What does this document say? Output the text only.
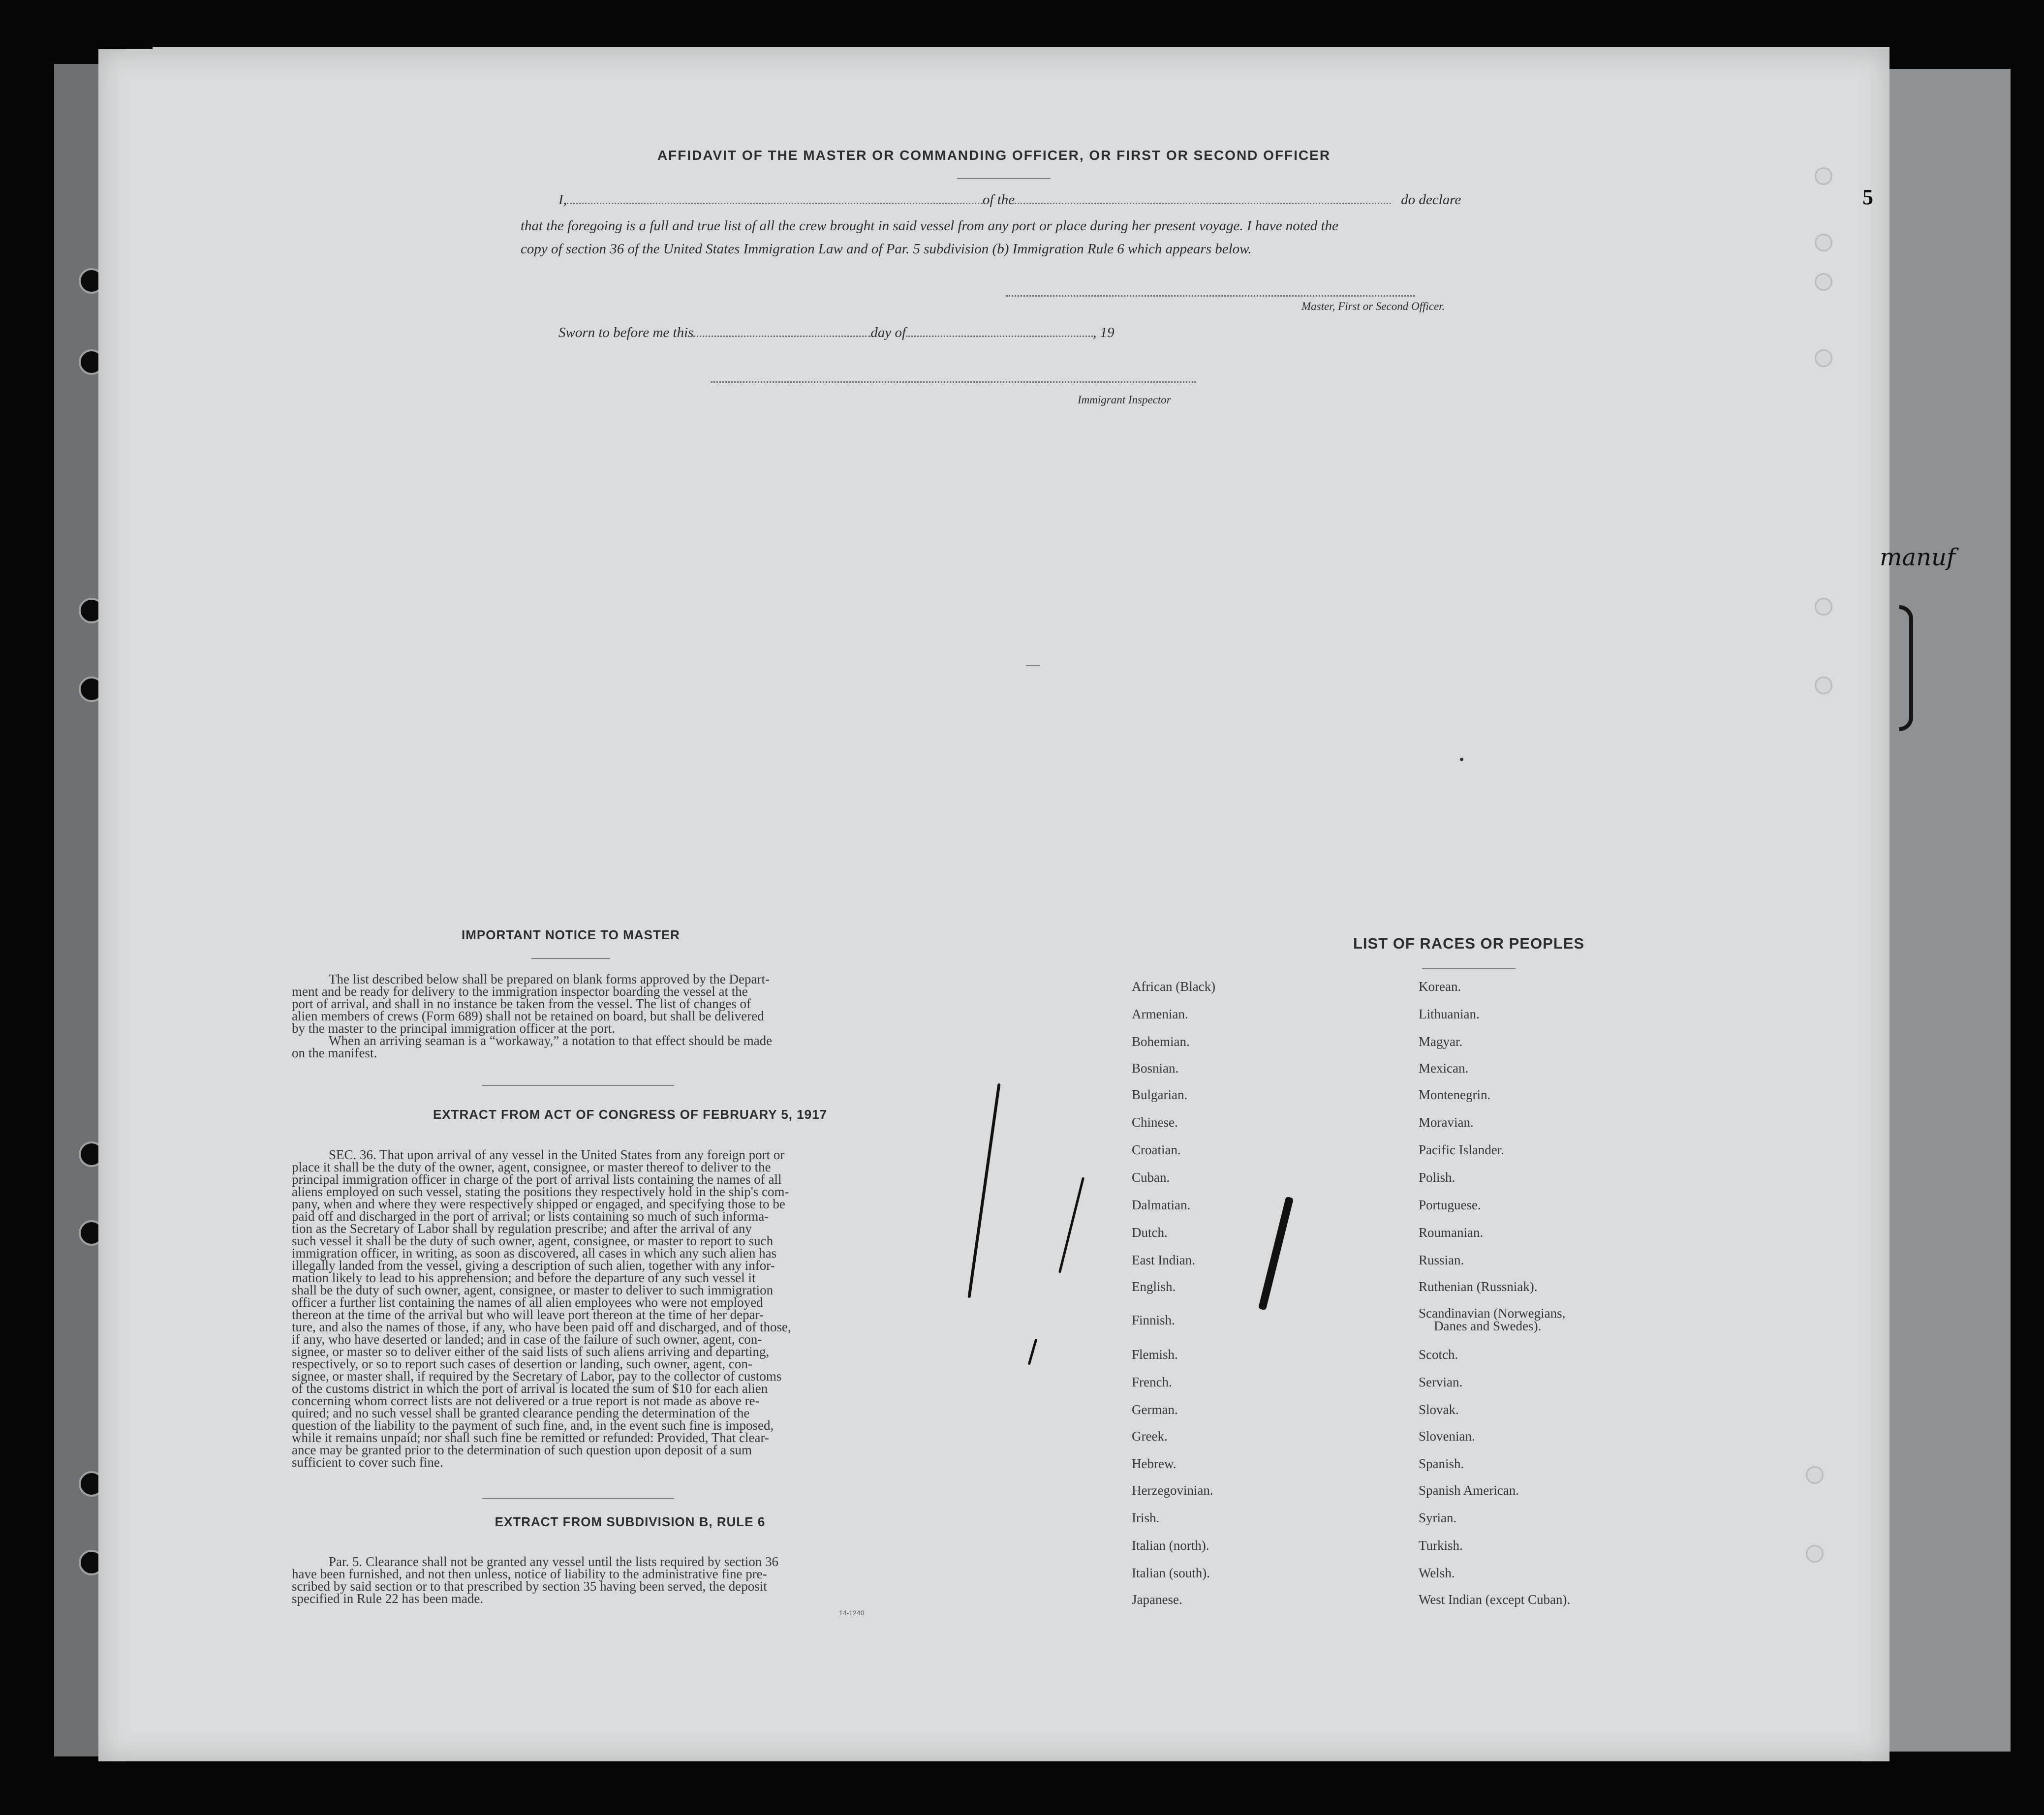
AFFIDAVIT OF THE MASTER OR COMMANDING OFFICER, OR FIRST OR SECOND OFFICER
I,	of the	do declare
that the foregoing is a full and true list of all the crew brought in said vessel from any port or place during her present voyage. I have noted the
copy of section 36 of the United States Immigration Law and of Par. 5 subdivision (b) Immigration Rule 6 which appears below.
Master, First or Second Officer.
Sworn to before me this	day of	, 19
Immigrant Inspector
IMPORTANT NOTICE TO MASTER
The list described below shall be prepared on blank forms approved by the Depart-
ment and be ready for delivery to the immigration inspector boarding the vessel at the
port of arrival, and shall in no instance be taken from the vessel. The list of changes of
alien members of crews (Form 689) shall not be retained on board, but shall be delivered
by the master to the principal immigration officer at the port.
When an arriving seaman is a “workaway,” a notation to that effect should be made
on the manifest.
EXTRACT FROM ACT OF CONGRESS OF FEBRUARY 5, 1917
SEC. 36. That upon arrival of any vessel in the United States from any foreign port or
place it shall be the duty of the owner, agent, consignee, or master thereof to deliver to the
principal immigration officer in charge of the port of arrival lists containing the names of all
aliens employed on such vessel, stating the positions they respectively hold in the ship's com-
pany, when and where they were respectively shipped or engaged, and specifying those to be
paid off and discharged in the port of arrival; or lists containing so much of such informa-
tion as the Secretary of Labor shall by regulation prescribe; and after the arrival of any
such vessel it shall be the duty of such owner, agent, consignee, or master to report to such
immigration officer, in writing, as soon as discovered, all cases in which any such alien has
illegally landed from the vessel, giving a description of such alien, together with any infor-
mation likely to lead to his apprehension; and before the departure of any such vessel it
shall be the duty of such owner, agent, consignee, or master to deliver to such immigration
officer a further list containing the names of all alien employees who were not employed
thereon at the time of the arrival but who will leave port thereon at the time of her depar-
ture, and also the names of those, if any, who have been paid off and discharged, and of those,
if any, who have deserted or landed; and in case of the failure of such owner, agent, con-
signee, or master so to deliver either of the said lists of such aliens arriving and departing,
respectively, or so to report such cases of desertion or landing, such owner, agent, con-
signee, or master shall, if required by the Secretary of Labor, pay to the collector of customs
of the customs district in which the port of arrival is located the sum of $10 for each alien
concerning whom correct lists are not delivered or a true report is not made as above re-
quired; and no such vessel shall be granted clearance pending the determination of the
question of the liability to the payment of such fine, and, in the event such fine is imposed,
while it remains unpaid; nor shall such fine be remitted or refunded: Provided, That clear-
ance may be granted prior to the determination of such question upon deposit of a sum
sufficient to cover such fine.
EXTRACT FROM SUBDIVISION B, RULE 6
Par. 5. Clearance shall not be granted any vessel until the lists required by section 36
have been furnished, and not then unless, notice of liability to the administrative fine pre-
scribed by said section or to that prescribed by section 35 having been served, the deposit
specified in Rule 22 has been made.
14-1240
LIST OF RACES OR PEOPLES
African (Black)
Armenian.
Bohemian.
Bosnian.
Bulgarian.
Chinese.
Croatian.
Cuban.
Dalmatian.
Dutch.
East Indian.
English.
Finnish.
Flemish.
French.
German.
Greek.
Hebrew.
Herzegovinian.
Irish.
Italian (north).
Italian (south).
Japanese.
Korean.
Lithuanian.
Magyar.
Mexican.
Montenegrin.
Moravian.
Pacific Islander.
Polish.
Portuguese.
Roumanian.
Russian.
Ruthenian (Russniak).
Scandinavian (Norwegians,
Danes and Swedes).
Scotch.
Servian.
Slovak.
Slovenian.
Spanish.
Spanish American.
Syrian.
Turkish.
Welsh.
West Indian (except Cuban).
manuf
5
